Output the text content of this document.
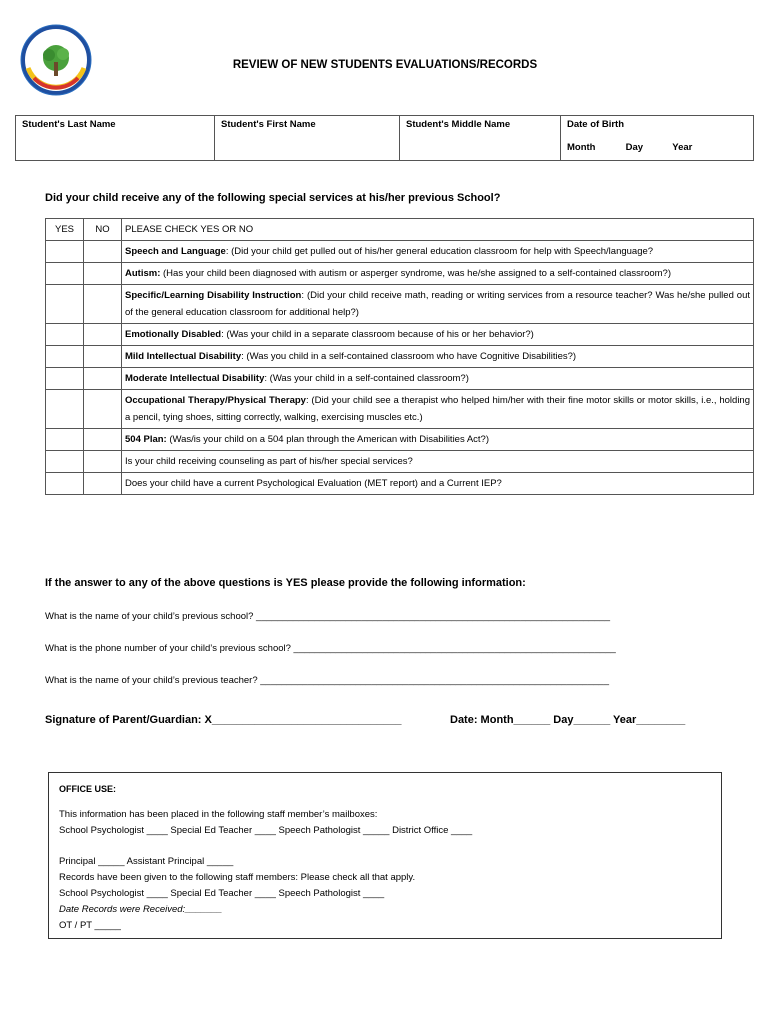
REVIEW OF NEW STUDENTS EVALUATIONS/RECORDS
Student's Last Name	Student's First Name	Student's Middle Name	Date of Birth
Month	Day	Year
Did your child receive any of the following special services at his/her previous School?
YES	NO	PLEASE CHECK YES OR NO
		Speech and Language: (Did your child get pulled out of his/her general education classroom for help with Speech/language?
		Autism: (Has your child been diagnosed with autism or asperger syndrome, was he/she assigned to a self-contained classroom?)
		Specific/Learning Disability Instruction: (Did your child receive math, reading or writing services from a resource teacher? Was he/she pulled out of the general education classroom for additional help?)
		Emotionally Disabled: (Was your child in a separate classroom because of his or her behavior?)
		Mild Intellectual Disability: (Was you child in a self-contained classroom who have Cognitive Disabilities?)
		Moderate Intellectual Disability: (Was your child in a self-contained classroom?)
		Occupational Therapy/Physical Therapy: (Did your child see a therapist who helped him/her with their fine motor skills or motor skills, i.e., holding a pencil, tying shoes, sitting correctly, walking, exercising muscles etc.)
		504 Plan: (Was/is your child on a 504 plan through the American with Disabilities Act?)
		Is your child receiving counseling as part of his/her special services?
		Does your child have a current Psychological Evaluation (MET report) and a Current IEP?
If the answer to any of the above questions is YES please provide the following information:
What is the name of your child’s previous school? ___________________________________________________________________
What is the phone number of your child’s previous school? _____________________________________________________________
What is the name of your child’s previous teacher? __________________________________________________________________
Signature of Parent/Guardian: X_______________________________	Date: Month______ Day______ Year________
OFFICE USE:
This information has been placed in the following staff member’s mailboxes:
School Psychologist ____ Special Ed Teacher ____ Speech Pathologist _____ District Office ____
Principal _____ Assistant Principal _____
Records have been given to the following staff members: Please check all that apply.
School Psychologist ____ Special Ed Teacher ____ Speech Pathologist ____
Date Records were Received:_______
OT / PT _____
